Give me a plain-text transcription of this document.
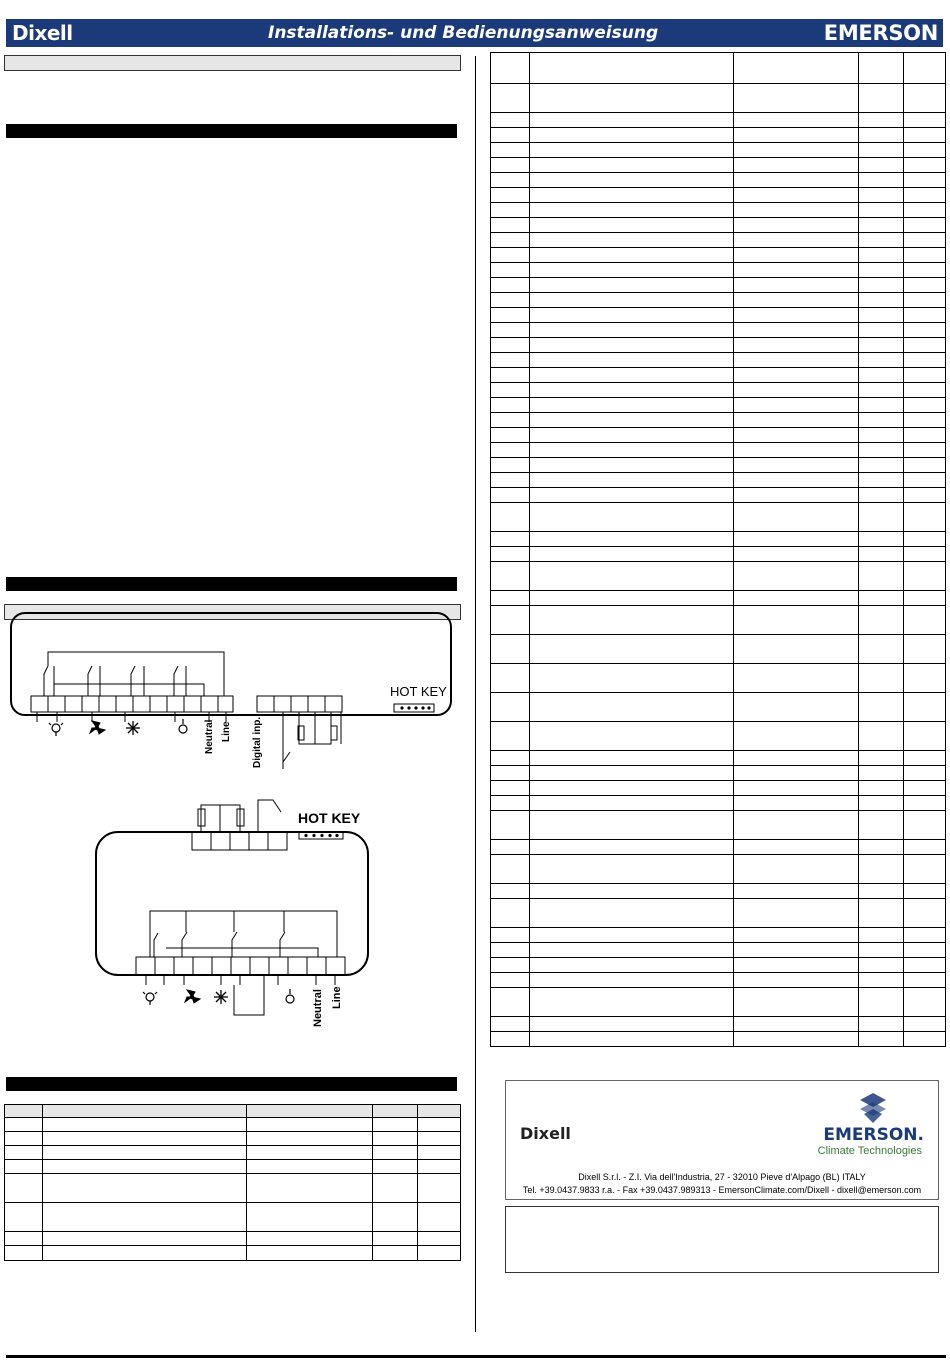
Dixell	Installations- und Bedienungsanweisung	EMERSON
HOT KEY
Neutral Line Digital inp.
HOT KEY
Neutral Line

Dixell	EMERSON.
Climate Technologies
Dixell S.r.l. - Z.I. Via dell'Industria, 27 - 32010 Pieve d'Alpago (BL) ITALY
Tel. +39.0437.9833 r.a. - Fax +39.0437.989313 - EmersonClimate.com/Dixell - dixell@emerson.com
